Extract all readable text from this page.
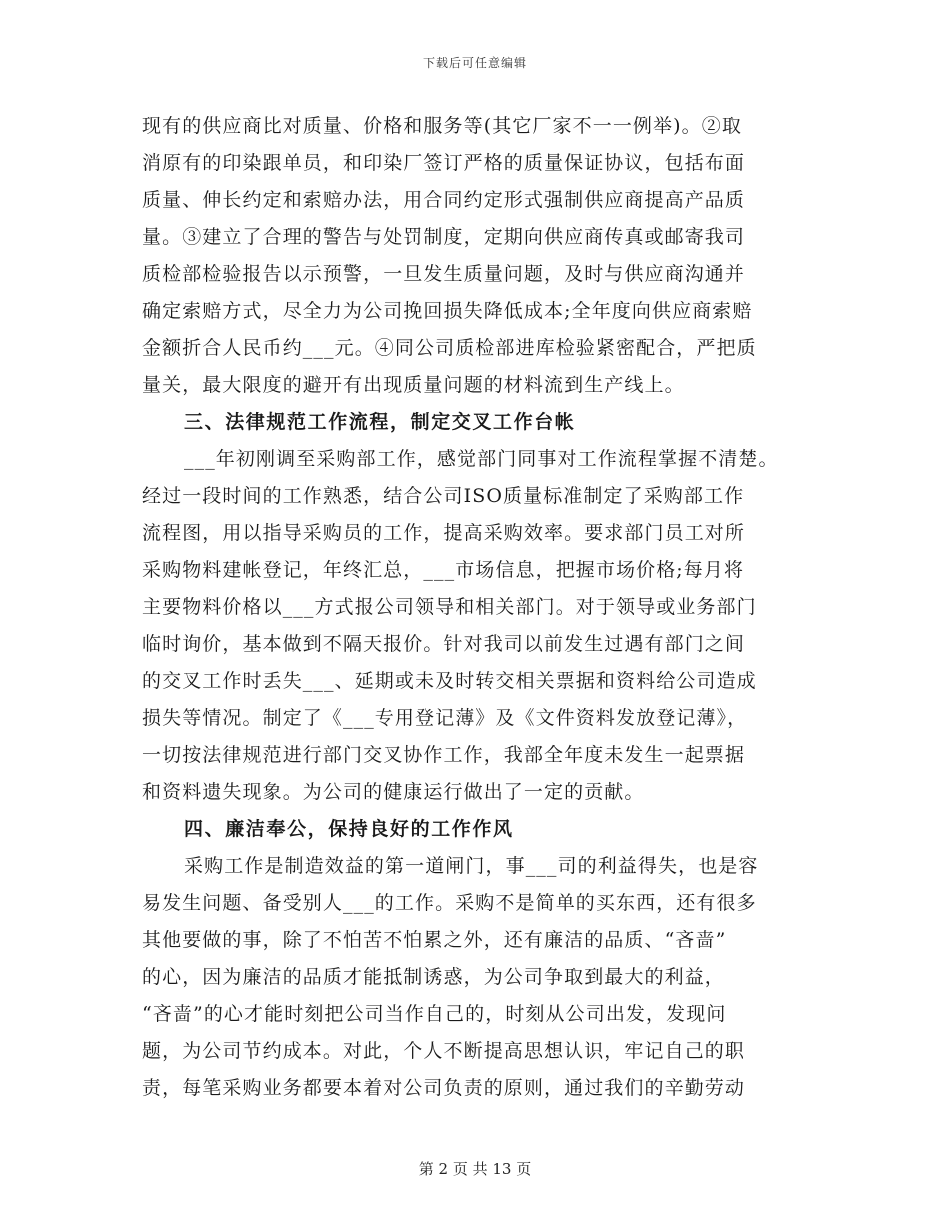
下载后可任意编辑
现有的供应商比对质量、价格和服务等(其它厂家不一一例举)。②取
消原有的印染跟单员，和印染厂签订严格的质量保证协议，包括布面
质量、伸长约定和索赔办法，用合同约定形式强制供应商提高产品质
量。③建立了合理的警告与处罚制度，定期向供应商传真或邮寄我司
质检部检验报告以示预警，一旦发生质量问题，及时与供应商沟通并
确定索赔方式，尽全力为公司挽回损失降低成本;全年度向供应商索赔
金额折合人民币约___元。④同公司质检部进库检验紧密配合，严把质
量关，最大限度的避开有出现质量问题的材料流到生产线上。
三、法律规范工作流程，制定交叉工作台帐
___年初刚调至采购部工作，感觉部门同事对工作流程掌握不清楚。
经过一段时间的工作熟悉，结合公司ISO质量标准制定了采购部工作
流程图，用以指导采购员的工作，提高采购效率。要求部门员工对所
采购物料建帐登记，年终汇总，___市场信息，把握市场价格;每月将
主要物料价格以___方式报公司领导和相关部门。对于领导或业务部门
临时询价，基本做到不隔天报价。针对我司以前发生过遇有部门之间
的交叉工作时丢失___、延期或未及时转交相关票据和资料给公司造成
损失等情况。制定了《___专用登记薄》及《文件资料发放登记薄》，
一切按法律规范进行部门交叉协作工作，我部全年度未发生一起票据
和资料遗失现象。为公司的健康运行做出了一定的贡献。
四、廉洁奉公，保持良好的工作作风
采购工作是制造效益的第一道闸门，事___司的利益得失，也是容
易发生问题、备受别人___的工作。采购不是简单的买东西，还有很多
其他要做的事，除了不怕苦不怕累之外，还有廉洁的品质、“吝啬”
的心，因为廉洁的品质才能抵制诱惑，为公司争取到最大的利益，
“吝啬”的心才能时刻把公司当作自己的，时刻从公司出发，发现问
题，为公司节约成本。对此，个人不断提高思想认识，牢记自己的职
责，每笔采购业务都要本着对公司负责的原则，通过我们的辛勤劳动
第 2 页 共 13 页
